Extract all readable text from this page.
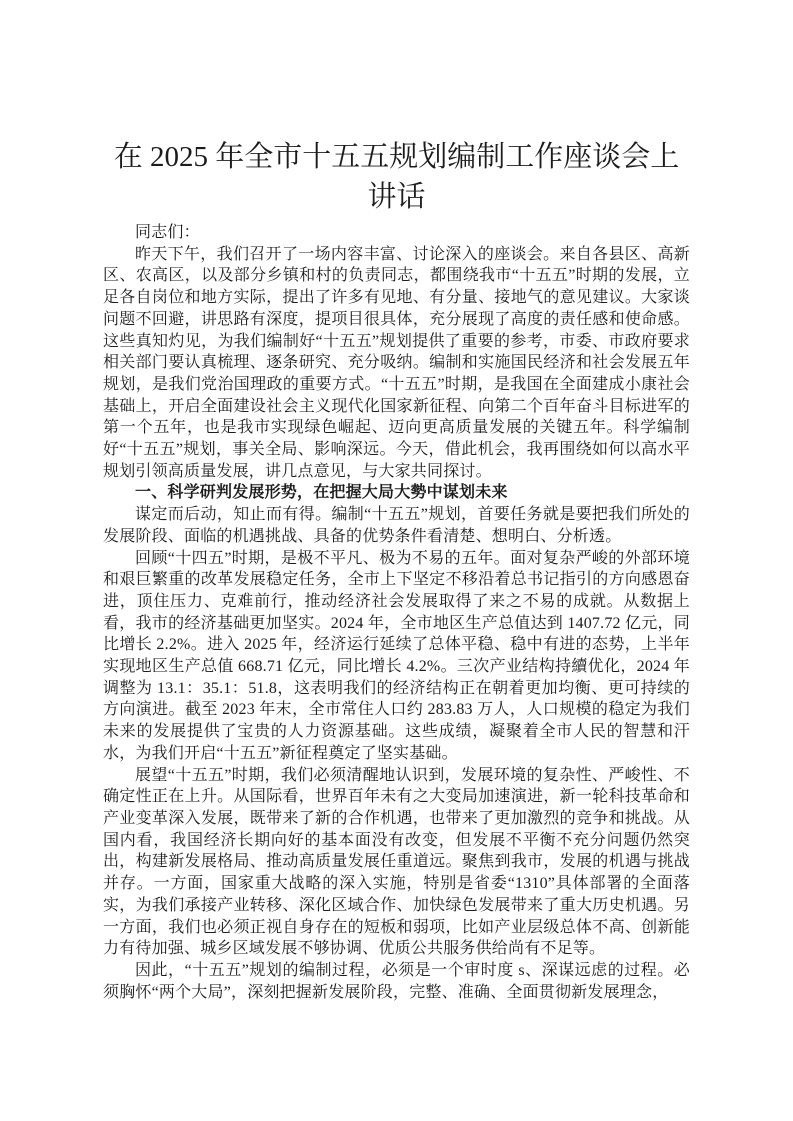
在 2025 年全市十五五规划编制工作座谈会上讲话

同志们：

昨天下午，我们召开了一场内容丰富、讨论深入的座谈会。来自各县区、高新区、农高区，以及部分乡镇和村的负责同志，都围绕我市“十五五”时期的发展，立足各自岗位和地方实际，提出了许多有见地、有分量、接地气的意见建议。大家谈问题不回避，讲思路有深度，提项目很具体，充分展现了高度的责任感和使命感。这些真知灼见，为我们编制好“十五五”规划提供了重要的参考，市委、市政府要求相关部门要认真梳理、逐条研究、充分吸纳。编制和实施国民经济和社会发展五年规划，是我们党治国理政的重要方式。“十五五”时期，是我国在全面建成小康社会基础上，开启全面建设社会主义现代化国家新征程、向第二个百年奋斗目标进军的第一个五年，也是我市实现绿色崛起、迈向更高质量发展的关键五年。科学编制好“十五五”规划，事关全局、影响深远。今天，借此机会，我再围绕如何以高水平规划引领高质量发展，讲几点意见，与大家共同探讨。

一、科学研判发展形势，在把握大局大勢中谋划未来

谋定而后动，知止而有得。编制“十五五”规划，首要任务就是要把我们所处的发展阶段、面临的机遇挑战、具备的优势条件看清楚、想明白、分析透。

回顾“十四五”时期，是极不平凡、极为不易的五年。面对复杂严峻的外部环境和艰巨繁重的改革发展稳定任务，全市上下坚定不移沿着总书记指引的方向感恩奋进，顶住压力、克难前行，推动经济社会发展取得了来之不易的成就。从数据上看，我市的经济基础更加坚实。2024 年，全市地区生产总值达到 1407.72 亿元，同比增长 2.2%。进入 2025 年，经济运行延续了总体平稳、稳中有进的态势，上半年实现地区生产总值 668.71 亿元，同比增长 4.2%。三次产业结构持續优化，2024 年调整为 13.1：35.1：51.8，这表明我们的经济结构正在朝着更加均衡、更可持续的方向演进。截至 2023 年末，全市常住人口约 283.83 万人，人口规模的稳定为我们未来的发展提供了宝贵的人力资源基础。这些成绩，凝聚着全市人民的智慧和汗水，为我们开启“十五五”新征程奠定了坚实基础。

展望“十五五”时期，我们必须清醒地认识到，发展环境的复杂性、严峻性、不确定性正在上升。从国际看，世界百年未有之大变局加速演进，新一轮科技革命和产业变革深入发展，既带来了新的合作机遇，也带来了更加激烈的竞争和挑战。从国内看，我国经济长期向好的基本面没有改变，但发展不平衡不充分问题仍然突出，构建新发展格局、推动高质量发展任重道远。聚焦到我市，发展的机遇与挑战并存。一方面，国家重大战略的深入实施，特别是省委“1310”具体部署的全面落实，为我们承接产业转移、深化区域合作、加快绿色发展带来了重大历史机遇。另一方面，我们也必须正视自身存在的短板和弱项，比如产业层级总体不高、创新能力有待加强、城乡区域发展不够协调、优质公共服务供给尚有不足等。

因此，“十五五”规划的编制过程，必须是一个审时度 s、深谋远虑的过程。必须胸怀“两个大局”，深刻把握新发展阶段，完整、准确、全面贯彻新发展理念，
